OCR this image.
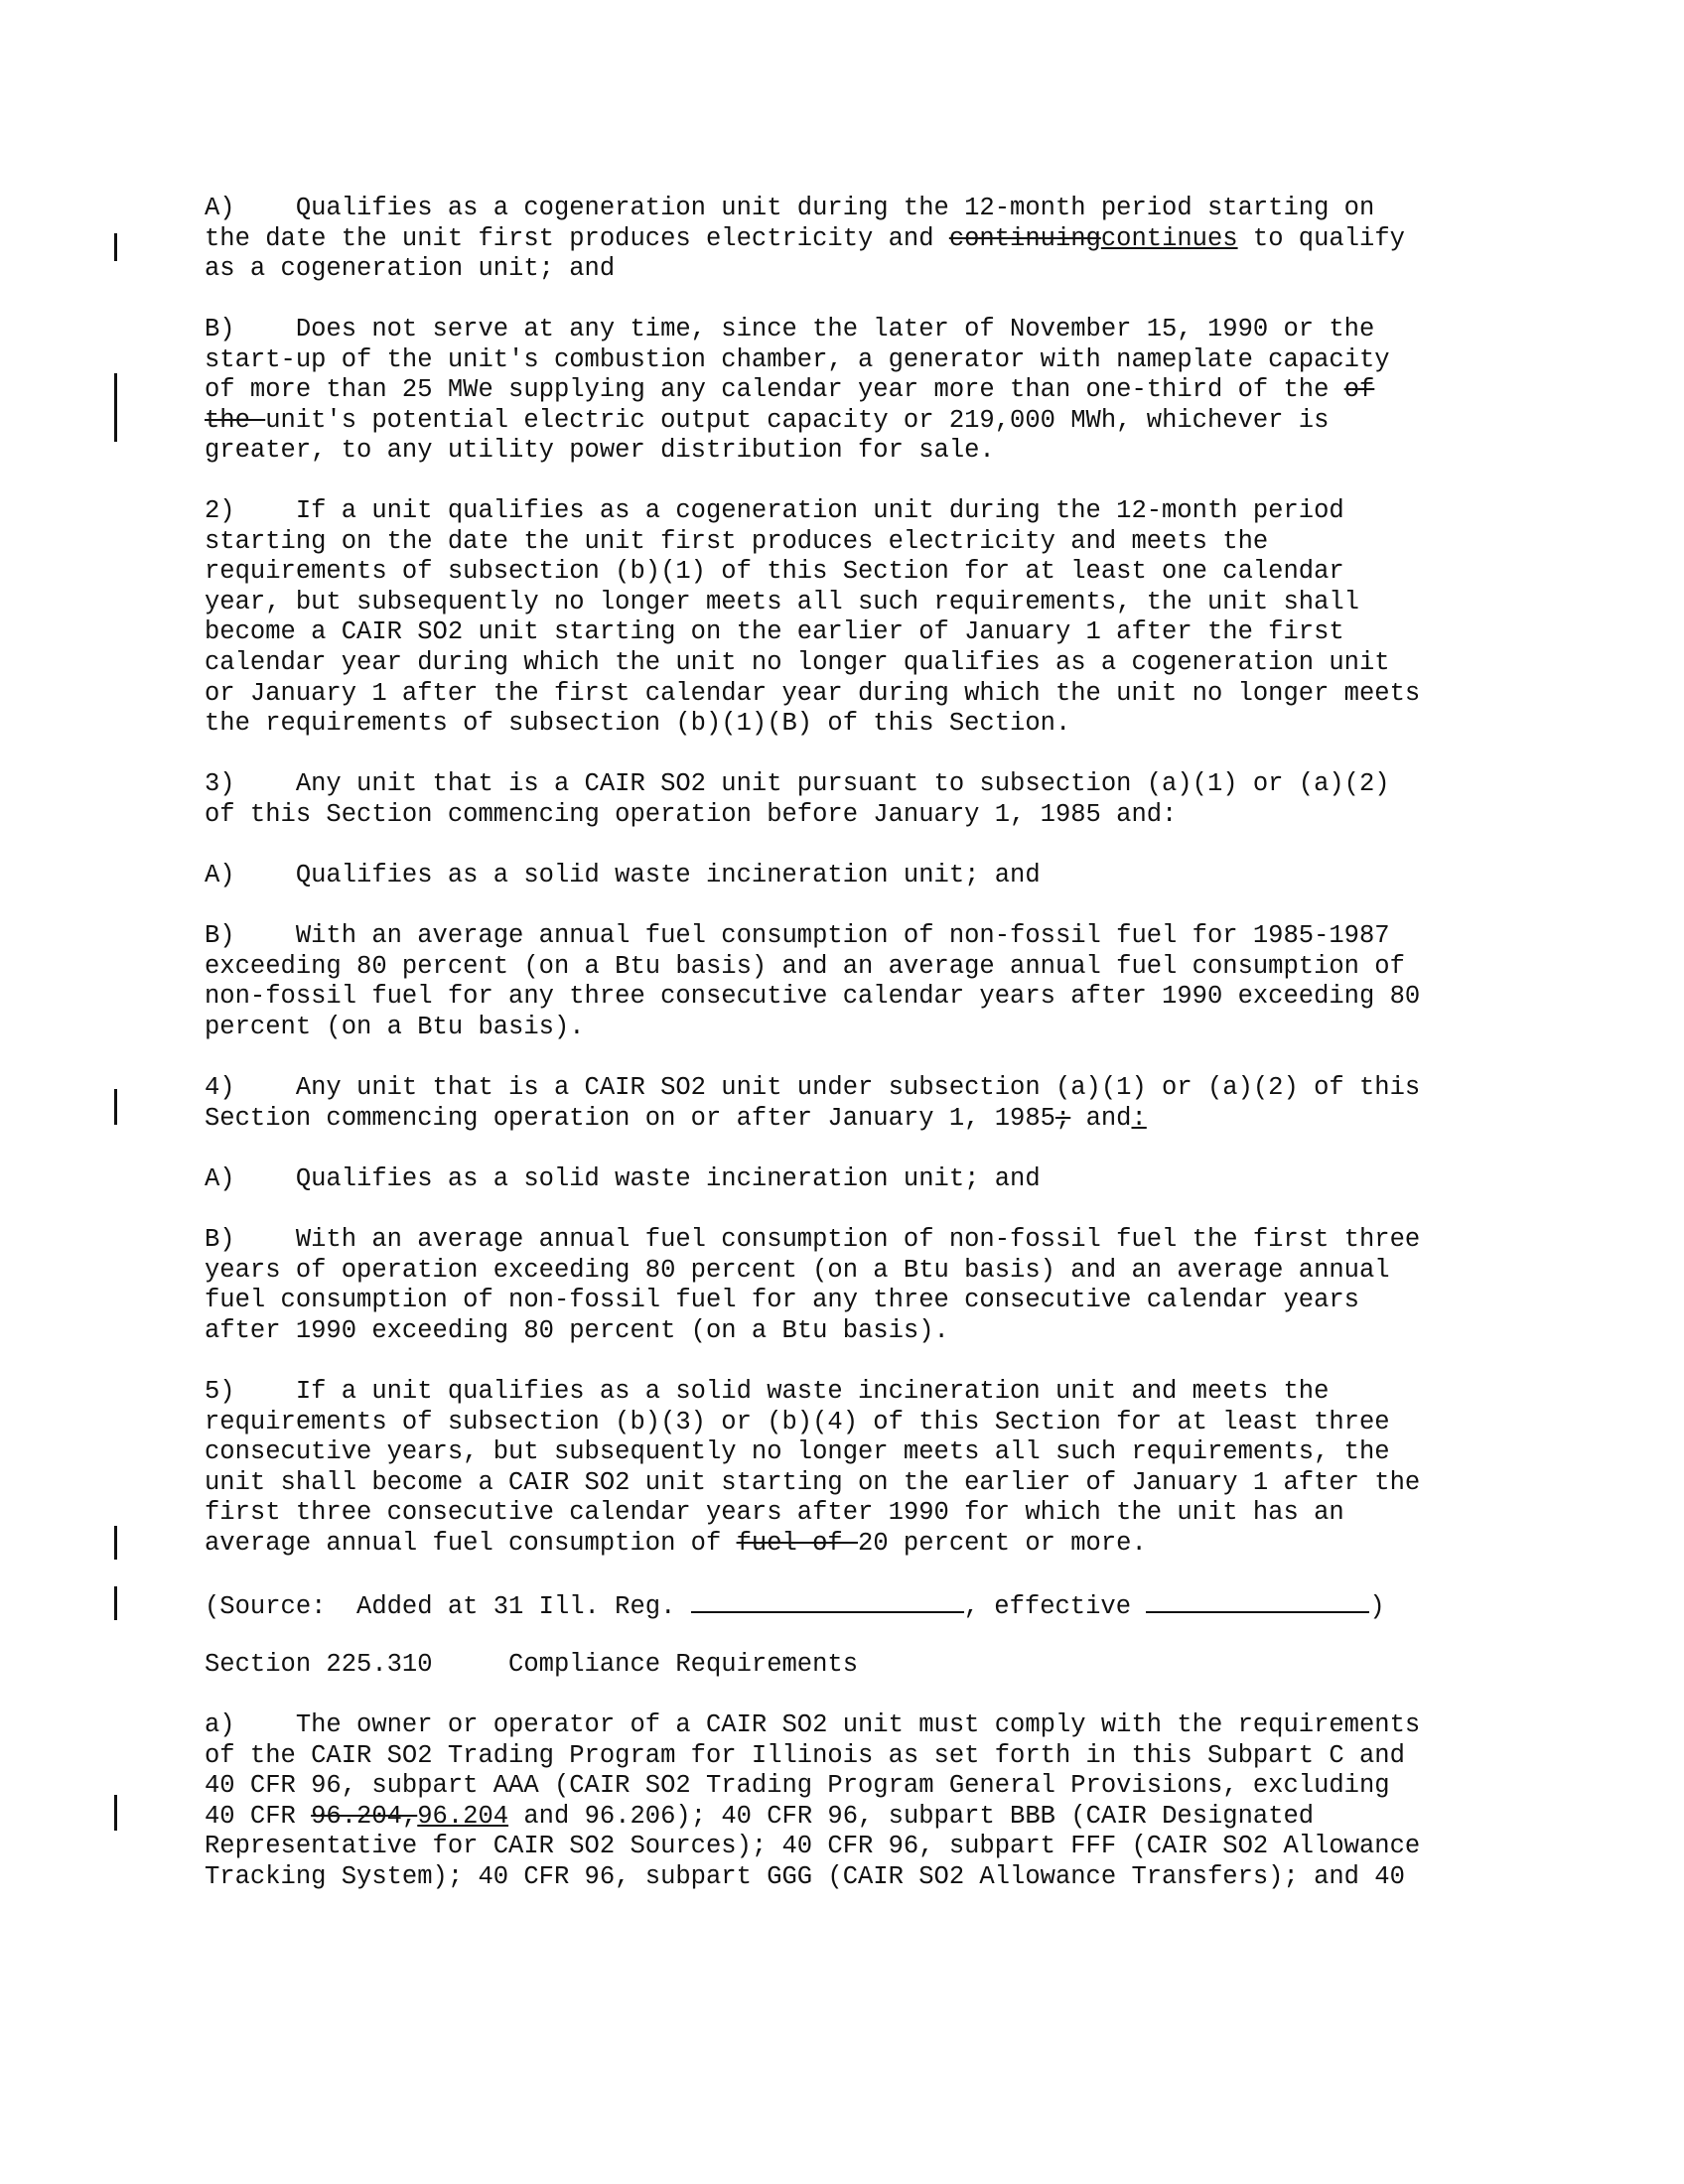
A)    Qualifies as a cogeneration unit during the 12-month period starting on
the date the unit first produces electricity and continuingcontinues to qualify
as a cogeneration unit; and
B)    Does not serve at any time, since the later of November 15, 1990 or the
start-up of the unit's combustion chamber, a generator with nameplate capacity
of more than 25 MWe supplying any calendar year more than one-third of the of
the unit's potential electric output capacity or 219,000 MWh, whichever is
greater, to any utility power distribution for sale.
2)    If a unit qualifies as a cogeneration unit during the 12-month period
starting on the date the unit first produces electricity and meets the
requirements of subsection (b)(1) of this Section for at least one calendar
year, but subsequently no longer meets all such requirements, the unit shall
become a CAIR SO2 unit starting on the earlier of January 1 after the first
calendar year during which the unit no longer qualifies as a cogeneration unit
or January 1 after the first calendar year during which the unit no longer meets
the requirements of subsection (b)(1)(B) of this Section.
3)    Any unit that is a CAIR SO2 unit pursuant to subsection (a)(1) or (a)(2)
of this Section commencing operation before January 1, 1985 and:
A)    Qualifies as a solid waste incineration unit; and
B)    With an average annual fuel consumption of non-fossil fuel for 1985-1987
exceeding 80 percent (on a Btu basis) and an average annual fuel consumption of
non-fossil fuel for any three consecutive calendar years after 1990 exceeding 80
percent (on a Btu basis).
4)    Any unit that is a CAIR SO2 unit under subsection (a)(1) or (a)(2) of this
Section commencing operation on or after January 1, 1985; and:
A)    Qualifies as a solid waste incineration unit; and
B)    With an average annual fuel consumption of non-fossil fuel the first three
years of operation exceeding 80 percent (on a Btu basis) and an average annual
fuel consumption of non-fossil fuel for any three consecutive calendar years
after 1990 exceeding 80 percent (on a Btu basis).
5)    If a unit qualifies as a solid waste incineration unit and meets the
requirements of subsection (b)(3) or (b)(4) of this Section for at least three
consecutive years, but subsequently no longer meets all such requirements, the
unit shall become a CAIR SO2 unit starting on the earlier of January 1 after the
first three consecutive calendar years after 1990 for which the unit has an
average annual fuel consumption of fuel of 20 percent or more.
(Source:  Added at 31 Ill. Reg.	, effective	)
Section 225.310     Compliance Requirements
a)    The owner or operator of a CAIR SO2 unit must comply with the requirements
of the CAIR SO2 Trading Program for Illinois as set forth in this Subpart C and
40 CFR 96, subpart AAA (CAIR SO2 Trading Program General Provisions, excluding
40 CFR 96.204,96.204 and 96.206); 40 CFR 96, subpart BBB (CAIR Designated
Representative for CAIR SO2 Sources); 40 CFR 96, subpart FFF (CAIR SO2 Allowance
Tracking System); 40 CFR 96, subpart GGG (CAIR SO2 Allowance Transfers); and 40
